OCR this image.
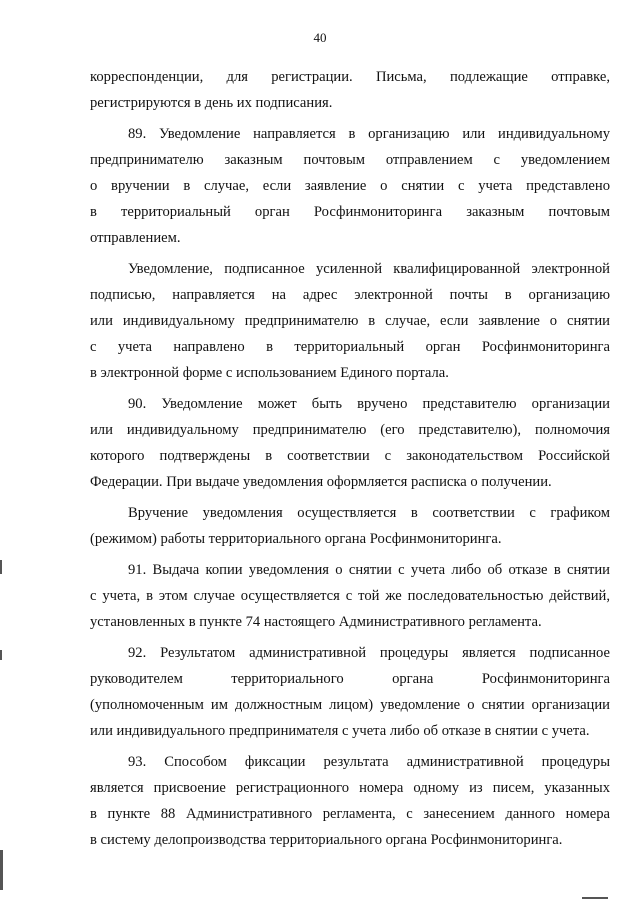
40
корреспонденции, для регистрации. Письма, подлежащие отправке,
регистрируются в день их подписания.
89. Уведомление направляется в организацию или индивидуальному
предпринимателю заказным почтовым отправлением с уведомлением
о вручении в случае, если заявление о снятии с учета представлено
в территориальный орган Росфинмониторинга заказным почтовым
отправлением.
Уведомление, подписанное усиленной квалифицированной электронной
подписью, направляется на адрес электронной почты в организацию
или индивидуальному предпринимателю в случае, если заявление о снятии
с учета направлено в территориальный орган Росфинмониторинга
в электронной форме с использованием Единого портала.
90. Уведомление может быть вручено представителю организации
или индивидуальному предпринимателю (его представителю), полномочия
которого подтверждены в соответствии с законодательством Российской
Федерации. При выдаче уведомления оформляется расписка о получении.
Вручение уведомления осуществляется в соответствии с графиком
(режимом) работы территориального органа Росфинмониторинга.
91. Выдача копии уведомления о снятии с учета либо об отказе в снятии
с учета, в этом случае осуществляется с той же последовательностью действий,
установленных в пункте 74 настоящего Административного регламента.
92. Результатом административной процедуры является подписанное
руководителем территориального органа Росфинмониторинга
(уполномоченным им должностным лицом) уведомление о снятии организации
или индивидуального предпринимателя с учета либо об отказе в снятии с учета.
93. Способом фиксации результата административной процедуры
является присвоение регистрационного номера одному из писем, указанных
в пункте 88 Административного регламента, с занесением данного номера
в систему делопроизводства территориального органа Росфинмониторинга.
